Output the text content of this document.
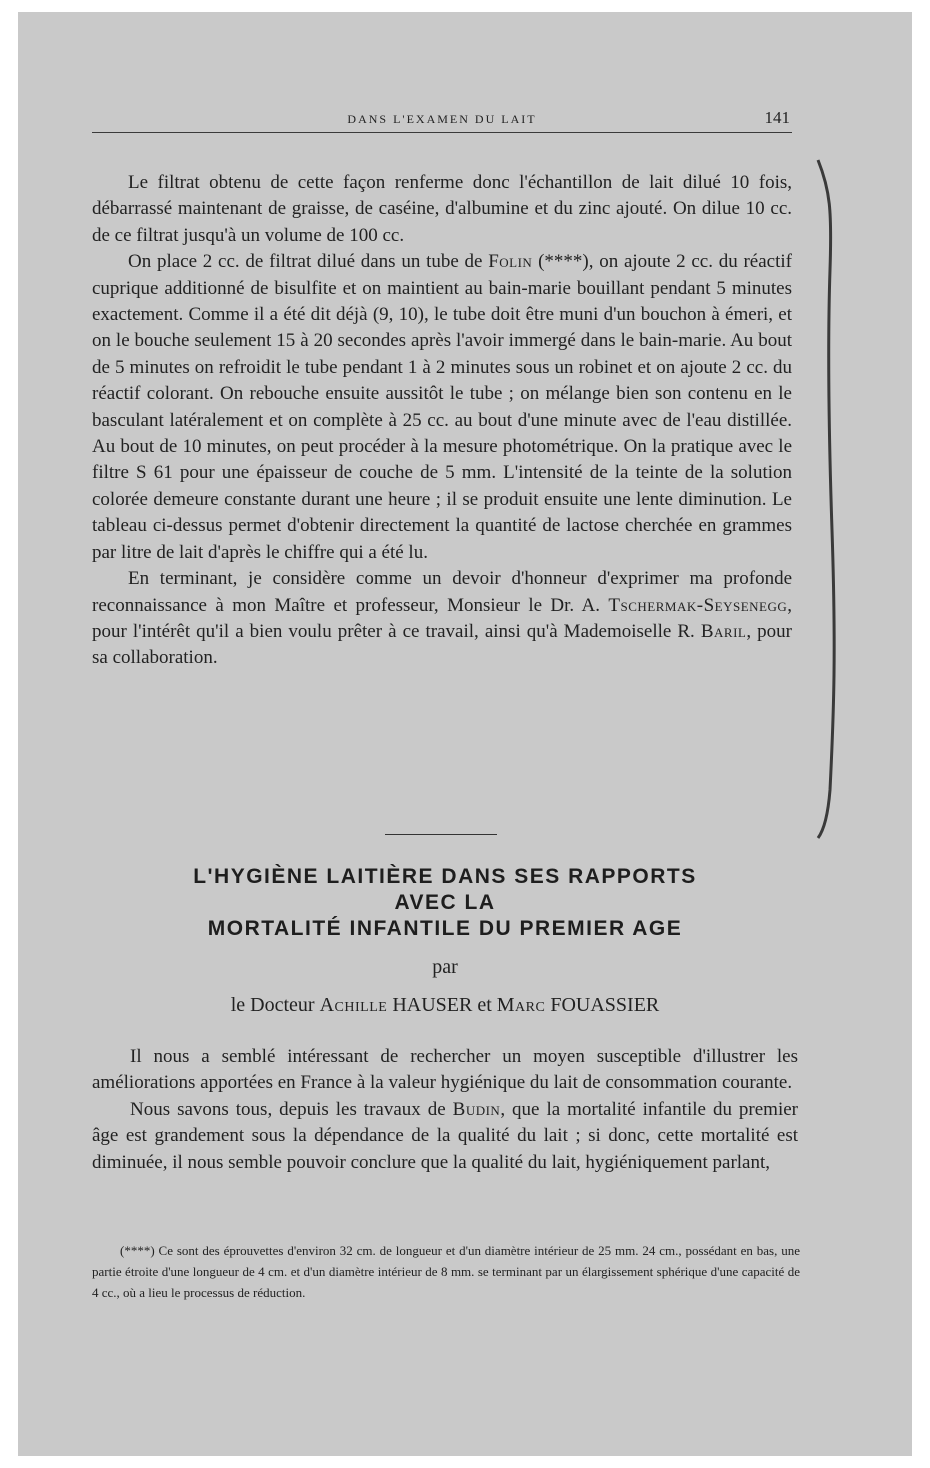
DANS L'EXAMEN DU LAIT	141

Le filtrat obtenu de cette façon renferme donc l'échantillon de lait dilué 10 fois, débarrassé maintenant de graisse, de caséine, d'albumine et du zinc ajouté. On dilue 10 cc. de ce filtrat jusqu'à un volume de 100 cc.

On place 2 cc. de filtrat dilué dans un tube de Folin (****), on ajoute 2 cc. du réactif cuprique additionné de bisulfite et on maintient au bain-marie bouillant pendant 5 minutes exactement. Comme il a été dit déjà (9, 10), le tube doit être muni d'un bouchon à émeri, et on le bouche seulement 15 à 20 secondes après l'avoir immergé dans le bain-marie. Au bout de 5 minutes on refroidit le tube pendant 1 à 2 minutes sous un robinet et on ajoute 2 cc. du réactif colorant. On rebouche ensuite aussitôt le tube ; on mélange bien son contenu en le basculant latéralement et on complète à 25 cc. au bout d'une minute avec de l'eau distillée. Au bout de 10 minutes, on peut procéder à la mesure photométrique. On la pratique avec le filtre S 61 pour une épaisseur de couche de 5 mm. L'intensité de la teinte de la solution colorée demeure constante durant une heure ; il se produit ensuite une lente diminution. Le tableau ci-dessus permet d'obtenir directement la quantité de lactose cherchée en grammes par litre de lait d'après le chiffre qui a été lu.

En terminant, je considère comme un devoir d'honneur d'exprimer ma profonde reconnaissance à mon Maître et professeur, Monsieur le Dr. A. Tschermak-Seysenegg, pour l'intérêt qu'il a bien voulu prêter à ce travail, ainsi qu'à Mademoiselle R. Baril, pour sa collaboration.

L'HYGIÈNE LAITIÈRE DANS SES RAPPORTS
AVEC LA
MORTALITÉ INFANTILE DU PREMIER AGE
par
le Docteur Achille HAUSER et Marc FOUASSIER

Il nous a semblé intéressant de rechercher un moyen susceptible d'illustrer les améliorations apportées en France à la valeur hygiénique du lait de consommation courante.

Nous savons tous, depuis les travaux de Budin, que la mortalité infantile du premier âge est grandement sous la dépendance de la qualité du lait ; si donc, cette mortalité est diminuée, il nous semble pouvoir conclure que la qualité du lait, hygiéniquement parlant,

(****) Ce sont des éprouvettes d'environ 32 cm. de longueur et d'un diamètre intérieur de 25 mm. 24 cm., possédant en bas, une partie étroite d'une longueur de 4 cm. et d'un diamètre intérieur de 8 mm. se terminant par un élargissement sphérique d'une capacité de 4 cc., où a lieu le processus de réduction.
